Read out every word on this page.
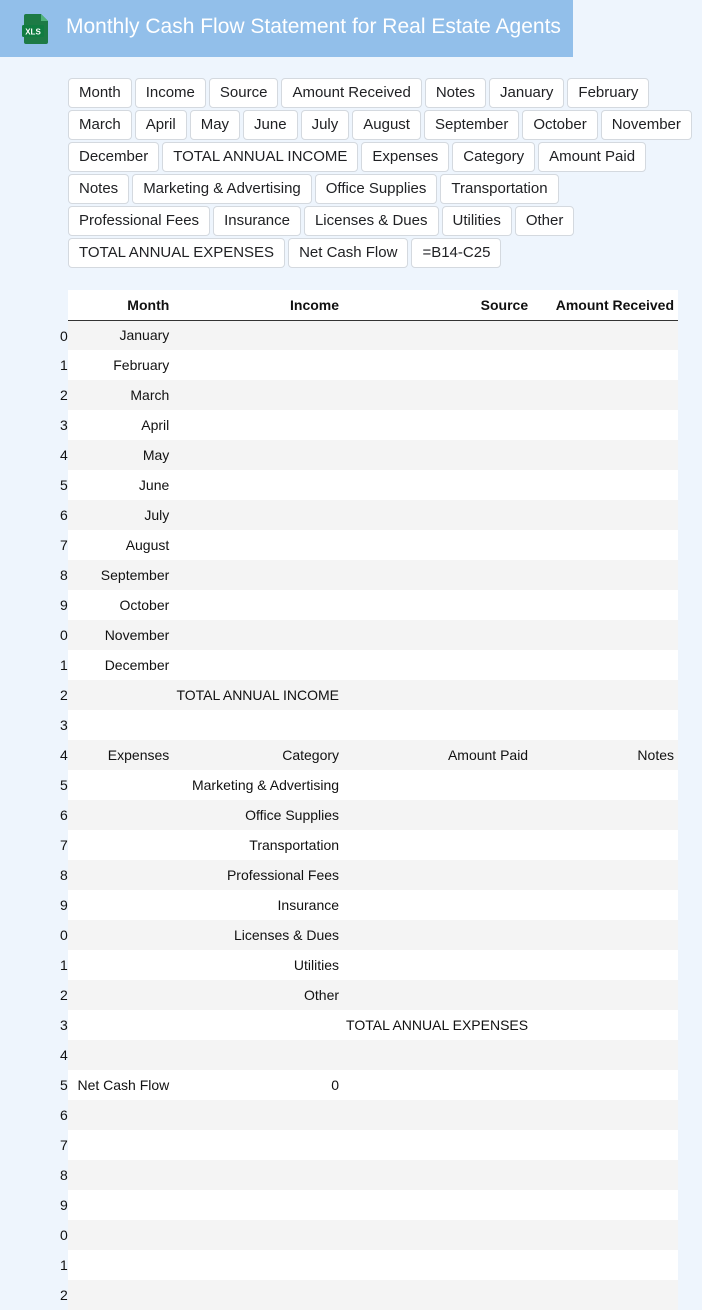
XLS Monthly Cash Flow Statement for Real Estate Agents
Month	Income	Source	Amount Received	Notes	January	February
March	April	May	June	July	August	September	October	November
December	TOTAL ANNUAL INCOME	Expenses	Category	Amount Paid
Notes	Marketing & Advertising	Office Supplies	Transportation
Professional Fees	Insurance	Licenses & Dues	Utilities	Other
TOTAL ANNUAL EXPENSES	Net Cash Flow	=B14-C25
	Month	Income	Source	Amount Received

0	January			

1	February			

2	March			

3	April			

4	May			

5	June			

6	July			

7	August			

8	September			

9	October			

0	November			

1	December			

2		TOTAL ANNUAL INCOME		

3				

4	Expenses	Category	Amount Paid	Notes

5		Marketing & Advertising		

6		Office Supplies		

7		Transportation		

8		Professional Fees		

9		Insurance		

0		Licenses & Dues		

1		Utilities		

2		Other		

3			TOTAL ANNUAL EXPENSES	

4				

5	Net Cash Flow	0		

6				

7				

8				

9				

0				

1				

2				
